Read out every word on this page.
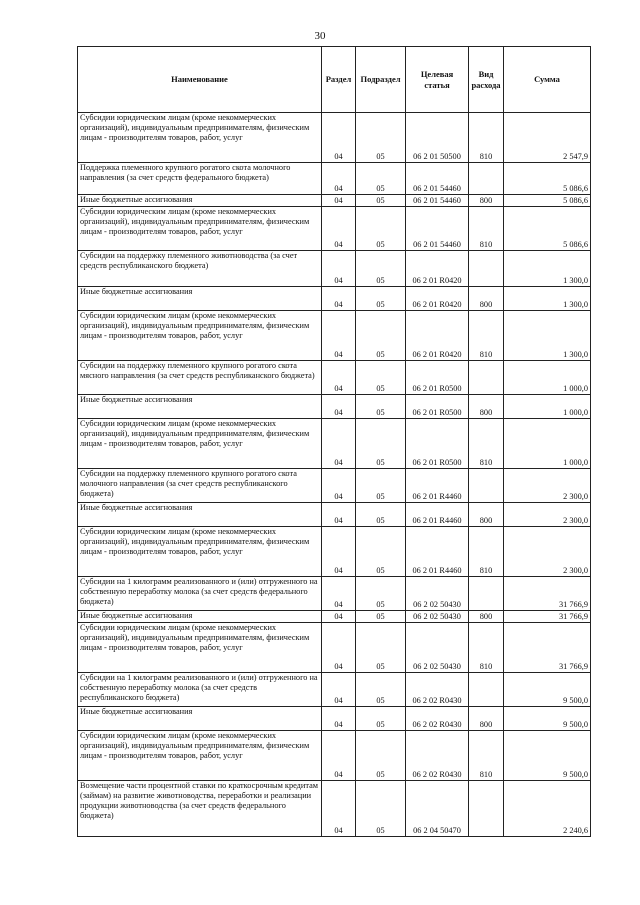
30
Наименование	Раздел	Подраздел	Целевая статья	Вид расхода	Сумма
Субсидии юридическим лицам (кроме некоммерческих организаций), индивидуальным предпринимателям, физическим лицам - производителям товаров, работ, услуг	04	05	06 2 01 50500	810	2 547,9
Поддержка племенного крупного рогатого скота молочного направления (за счет средств федерального бюджета)	04	05	06 2 01 54460		5 086,6
Иные бюджетные ассигнования	04	05	06 2 01 54460	800	5 086,6
Субсидии юридическим лицам (кроме некоммерческих организаций), индивидуальным предпринимателям, физическим лицам - производителям товаров, работ, услуг	04	05	06 2 01 54460	810	5 086,6
Субсидии на поддержку племенного животноводства (за счет средств республиканского бюджета)	04	05	06 2 01 R0420		1 300,0
Иные бюджетные ассигнования	04	05	06 2 01 R0420	800	1 300,0
Субсидии юридическим лицам (кроме некоммерческих организаций), индивидуальным предпринимателям, физическим лицам - производителям товаров, работ, услуг	04	05	06 2 01 R0420	810	1 300,0
Субсидии на поддержку племенного крупного рогатого скота мясного направления (за счет средств республиканского бюджета)	04	05	06 2 01 R0500		1 000,0
Иные бюджетные ассигнования	04	05	06 2 01 R0500	800	1 000,0
Субсидии юридическим лицам (кроме некоммерческих организаций), индивидуальным предпринимателям, физическим лицам - производителям товаров, работ, услуг	04	05	06 2 01 R0500	810	1 000,0
Субсидии на поддержку племенного крупного рогатого скота молочного направления (за счет средств республиканского бюджета)	04	05	06 2 01 R4460		2 300,0
Иные бюджетные ассигнования	04	05	06 2 01 R4460	800	2 300,0
Субсидии юридическим лицам (кроме некоммерческих организаций), индивидуальным предпринимателям, физическим лицам - производителям товаров, работ, услуг	04	05	06 2 01 R4460	810	2 300,0
Субсидии на 1 килограмм реализованного и (или) отгруженного на собственную переработку молока (за счет средств федерального бюджета)	04	05	06 2 02 50430		31 766,9
Иные бюджетные ассигнования	04	05	06 2 02 50430	800	31 766,9
Субсидии юридическим лицам (кроме некоммерческих организаций), индивидуальным предпринимателям, физическим лицам - производителям товаров, работ, услуг	04	05	06 2 02 50430	810	31 766,9
Субсидии на 1 килограмм реализованного и (или) отгруженного на собственную переработку молока (за счет средств республиканского бюджета)	04	05	06 2 02 R0430		9 500,0
Иные бюджетные ассигнования	04	05	06 2 02 R0430	800	9 500,0
Субсидии юридическим лицам (кроме некоммерческих организаций), индивидуальным предпринимателям, физическим лицам - производителям товаров, работ, услуг	04	05	06 2 02 R0430	810	9 500,0
Возмещение части процентной ставки по краткосрочным кредитам (займам) на развитие животноводства, переработки и реализации продукции животноводства (за счет средств федерального бюджета)	04	05	06 2 04 50470		2 240,6
